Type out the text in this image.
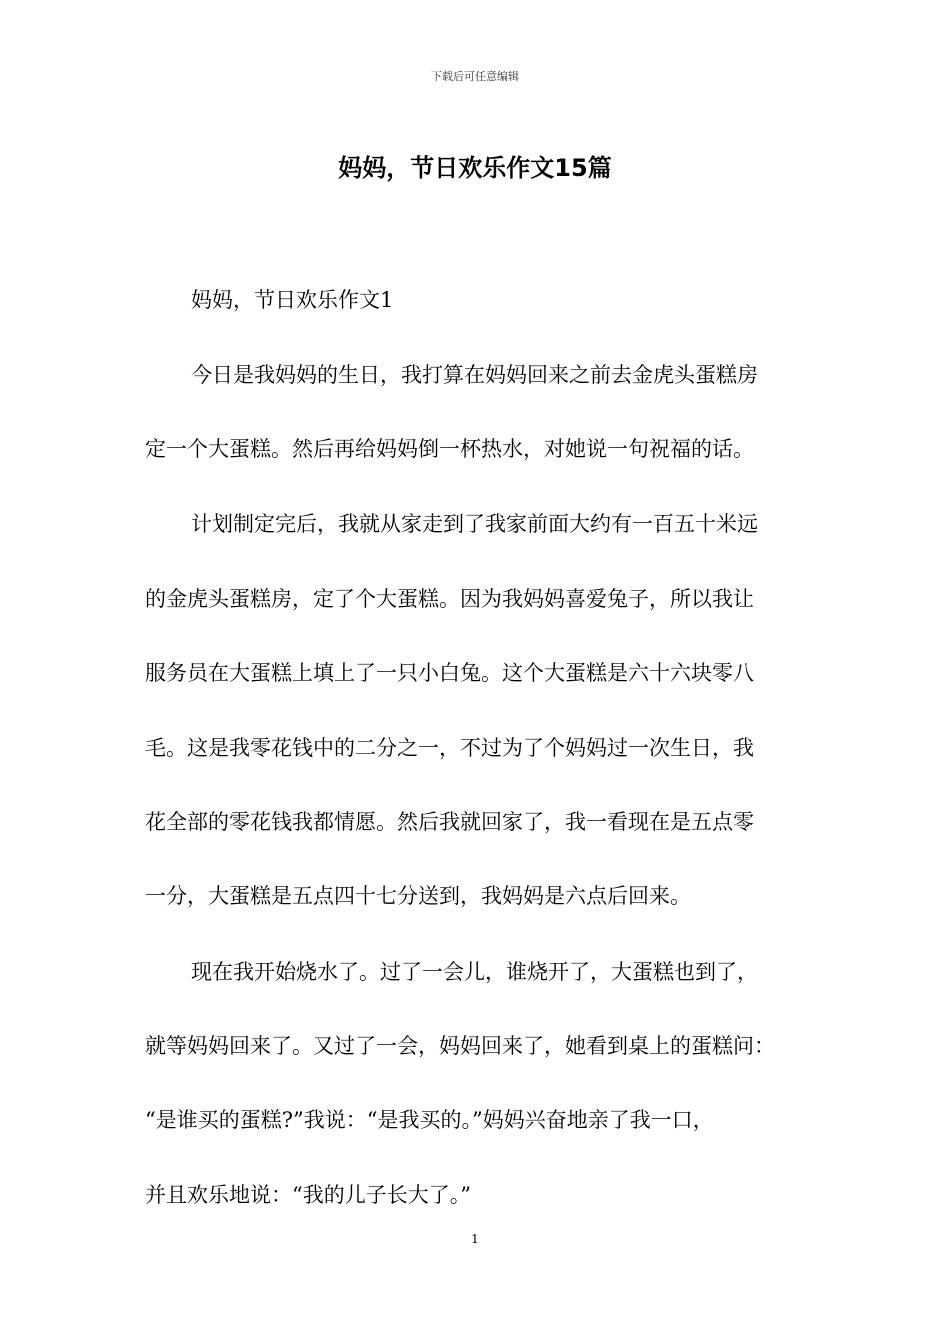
下载后可任意编辑
妈妈，节日欢乐作文15篇
妈妈，节日欢乐作文1
今日是我妈妈的生日，我打算在妈妈回来之前去金虎头蛋糕房
定一个大蛋糕。然后再给妈妈倒一杯热水，对她说一句祝福的话。
计划制定完后，我就从家走到了我家前面大约有一百五十米远
的金虎头蛋糕房，定了个大蛋糕。因为我妈妈喜爱兔子，所以我让
服务员在大蛋糕上填上了一只小白兔。这个大蛋糕是六十六块零八
毛。这是我零花钱中的二分之一，不过为了个妈妈过一次生日，我
花全部的零花钱我都情愿。然后我就回家了，我一看现在是五点零
一分，大蛋糕是五点四十七分送到，我妈妈是六点后回来。
现在我开始烧水了。过了一会儿，谁烧开了，大蛋糕也到了，
就等妈妈回来了。又过了一会，妈妈回来了，她看到桌上的蛋糕问：
“是谁买的蛋糕?”我说：“是我买的。”妈妈兴奋地亲了我一口，
并且欢乐地说：“我的儿子长大了。”
1
